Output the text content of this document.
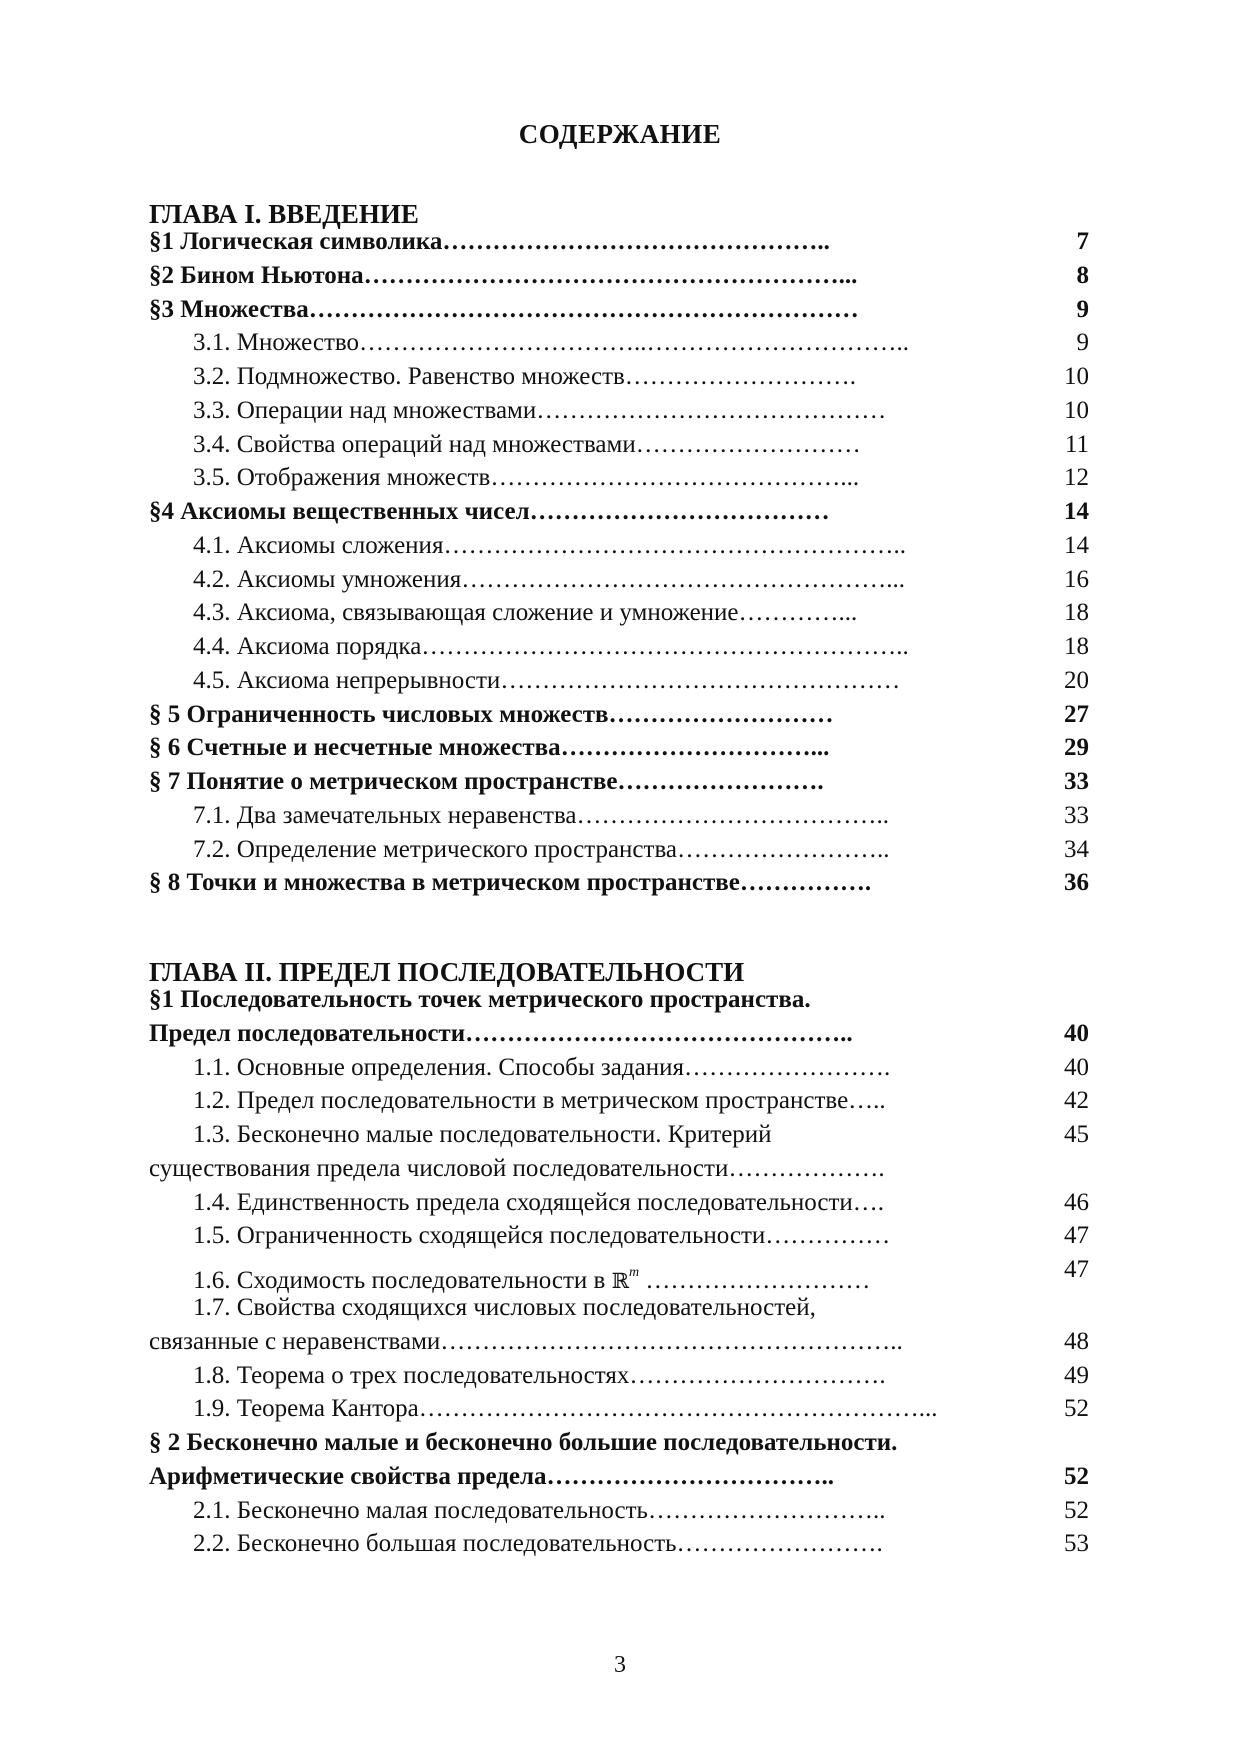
СОДЕРЖАНИЕ
ГЛАВА I. ВВЕДЕНИЕ
§1 Логическая символика………………………………………..	7
§2 Бином Ньютона…………………………………………………...	8
§3 Множества…………………………………………………………	9
3.1. Множество……………………………..…………………………..	9
3.2. Подмножество. Равенство множеств……………………….	10
3.3. Операции над множествами……………………………………	10
3.4. Свойства операций над множествами………………………	11
3.5. Отображения множеств……………………………………...	12
§4 Аксиомы вещественных чисел………………………………	14
4.1. Аксиомы сложения………………………………………………..	14
4.2. Аксиомы умножения……………………………………………...	16
4.3. Аксиома, связывающая сложение и умножение…………...	18
4.4. Аксиома порядка…………………………………………………..	18
4.5. Аксиома непрерывности…………………………………………	20
§ 5 Ограниченность числовых множеств………………………	27
§ 6 Счетные и несчетные множества…………………………...	29
§ 7 Понятие о метрическом пространстве…………………….	33
7.1. Два замечательных неравенства………………………………..	33
7.2. Определение метрического пространства……………………..	34
§ 8 Точки и множества в метрическом пространстве…………….	36
ГЛАВА II. ПРЕДЕЛ ПОСЛЕДОВАТЕЛЬНОСТИ
§1 Последовательность точек метрического пространства.
Предел последовательности………………………………………..	40
1.1. Основные определения. Способы задания…………………….	40
1.2. Предел последовательности в метрическом пространстве…..	42
1.3. Бесконечно малые последовательности. Критерий	45
существования предела числовой последовательности……………….
1.4. Единственность предела сходящейся последовательности….	46
1.5. Ограниченность сходящейся последовательности……………	47
1.6. Сходимость последовательности в ℝ$^m$ ………………………	47
1.7. Свойства сходящихся числовых последовательностей,
связанные с неравенствами………………………………………………..	48
1.8. Теорема о трех последовательностях………………………….	49
1.9. Теорема Кантора……………………………………………………...	52
§ 2 Бесконечно малые и бесконечно большие последовательности.
Арифметические свойства предела……………………………..	52
2.1. Бесконечно малая последовательность………………………..	52
2.2. Бесконечно большая последовательность…………………….	53
3
